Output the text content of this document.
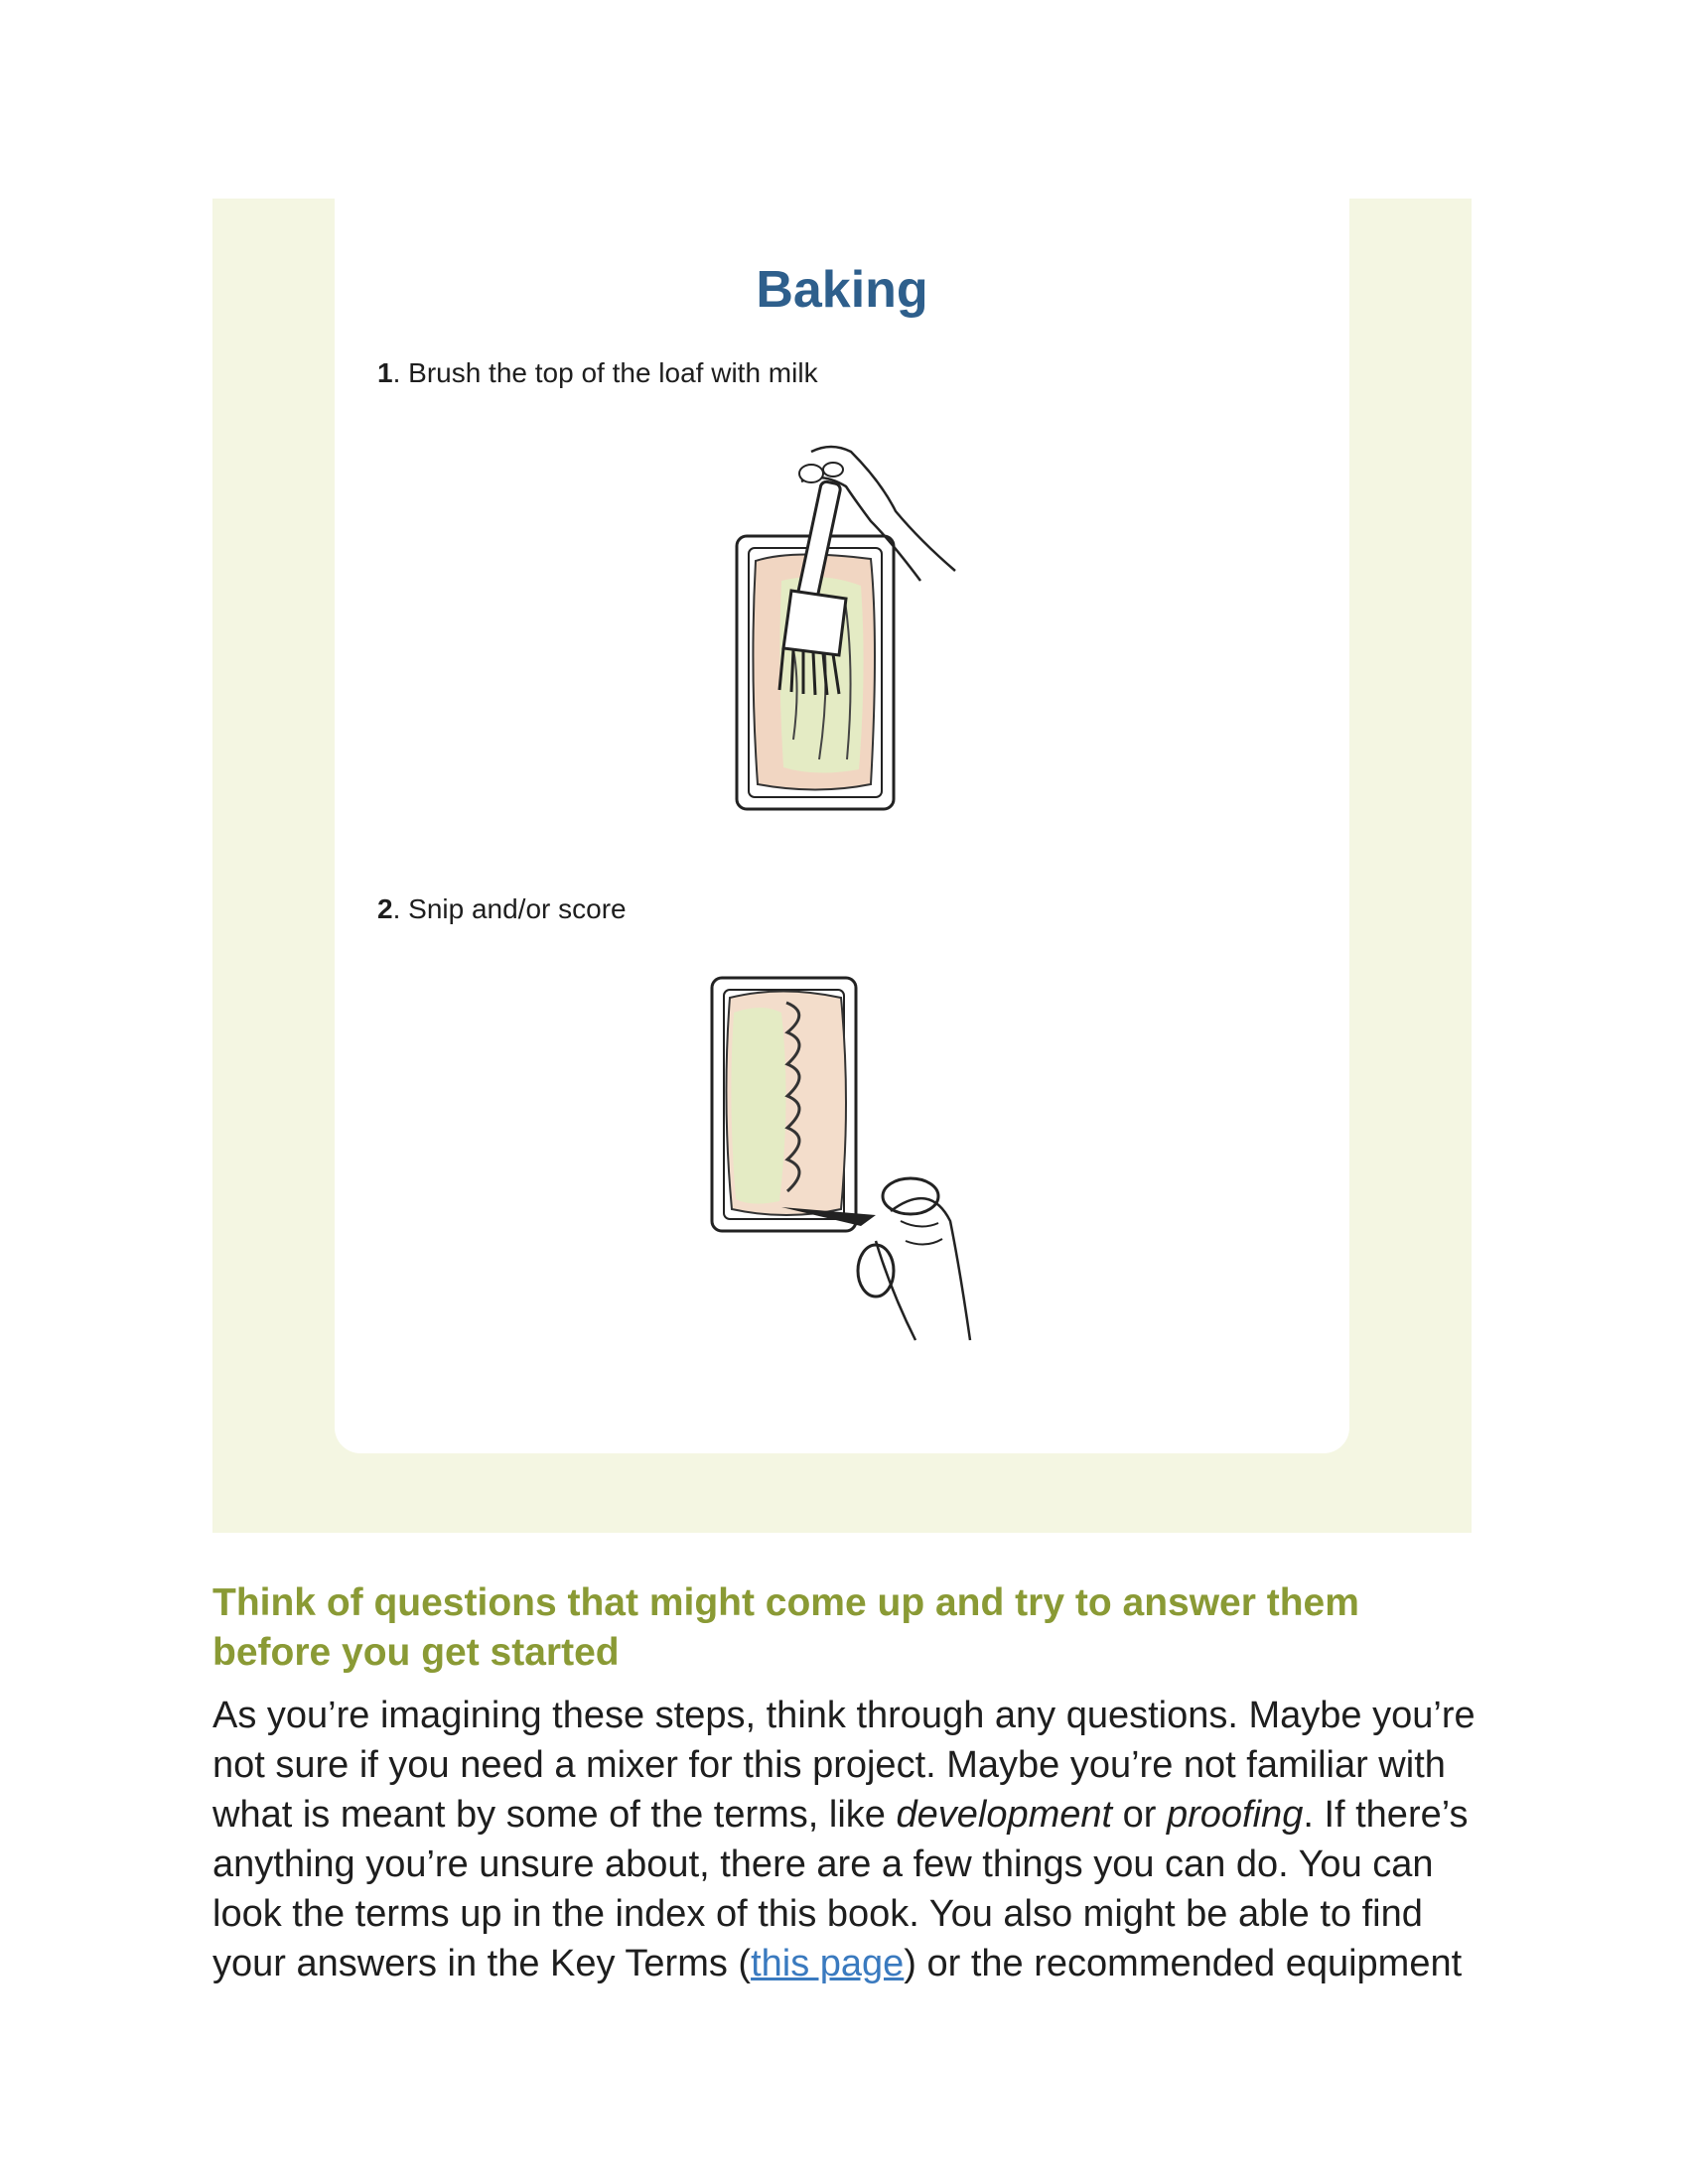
Baking
1. Brush the top of the loaf with milk
2. Snip and/or score
Think of questions that might come up and try to answer them before you get started
As you’re imagining these steps, think through any questions. Maybe you’re not sure if you need a mixer for this project. Maybe you’re not familiar with what is meant by some of the terms, like development or proofing. If there’s anything you’re unsure about, there are a few things you can do. You can look the terms up in the index of this book. You also might be able to find your answers in the Key Terms (this page) or the recommended equipment
